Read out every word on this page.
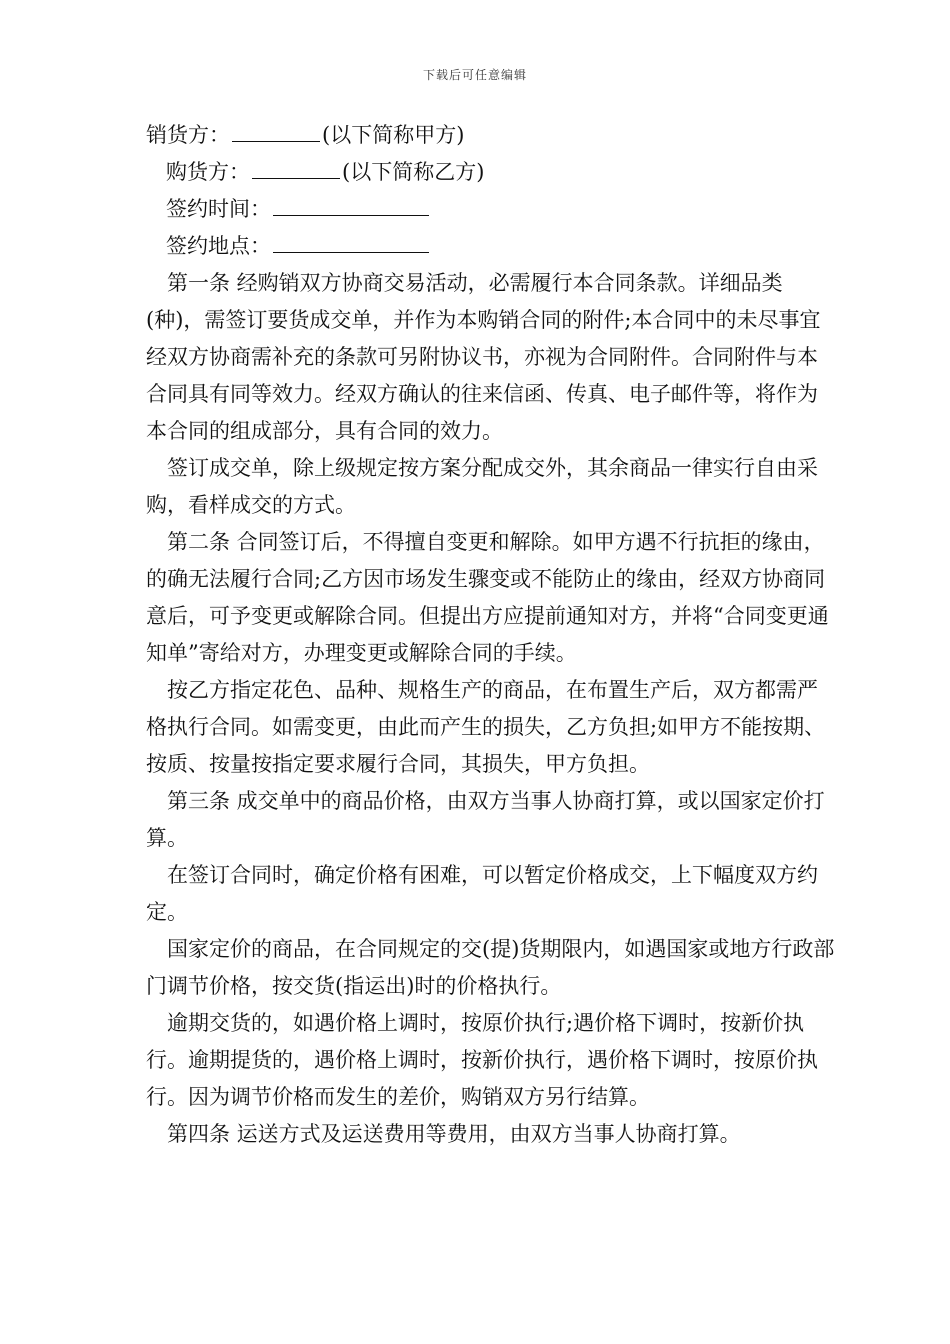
下载后可任意编辑

销货方：	(以下简称甲方)

购货方：	(以下简称乙方)

签约时间：

签约地点：

第一条 经购销双方协商交易活动，必需履行本合同条款。详细品类(种)，需签订要货成交单，并作为本购销合同的附件;本合同中的未尽事宜经双方协商需补充的条款可另附协议书，亦视为合同附件。合同附件与本合同具有同等效力。经双方确认的往来信函、传真、电子邮件等，将作为本合同的组成部分，具有合同的效力。

签订成交单，除上级规定按方案分配成交外，其余商品一律实行自由采购，看样成交的方式。

第二条 合同签订后，不得擅自变更和解除。如甲方遇不行抗拒的缘由，的确无法履行合同;乙方因市场发生骤变或不能防止的缘由，经双方协商同意后，可予变更或解除合同。但提出方应提前通知对方，并将“合同变更通知单”寄给对方，办理变更或解除合同的手续。

按乙方指定花色、品种、规格生产的商品，在布置生产后，双方都需严格执行合同。如需变更，由此而产生的损失，乙方负担;如甲方不能按期、按质、按量按指定要求履行合同，其损失，甲方负担。

第三条 成交单中的商品价格，由双方当事人协商打算，或以国家定价打算。

在签订合同时，确定价格有困难，可以暂定价格成交，上下幅度双方约定。

国家定价的商品，在合同规定的交(提)货期限内，如遇国家或地方行政部门调节价格，按交货(指运出)时的价格执行。

逾期交货的，如遇价格上调时，按原价执行;遇价格下调时，按新价执行。逾期提货的，遇价格上调时，按新价执行，遇价格下调时，按原价执行。因为调节价格而发生的差价，购销双方另行结算。

第四条 运送方式及运送费用等费用，由双方当事人协商打算。
